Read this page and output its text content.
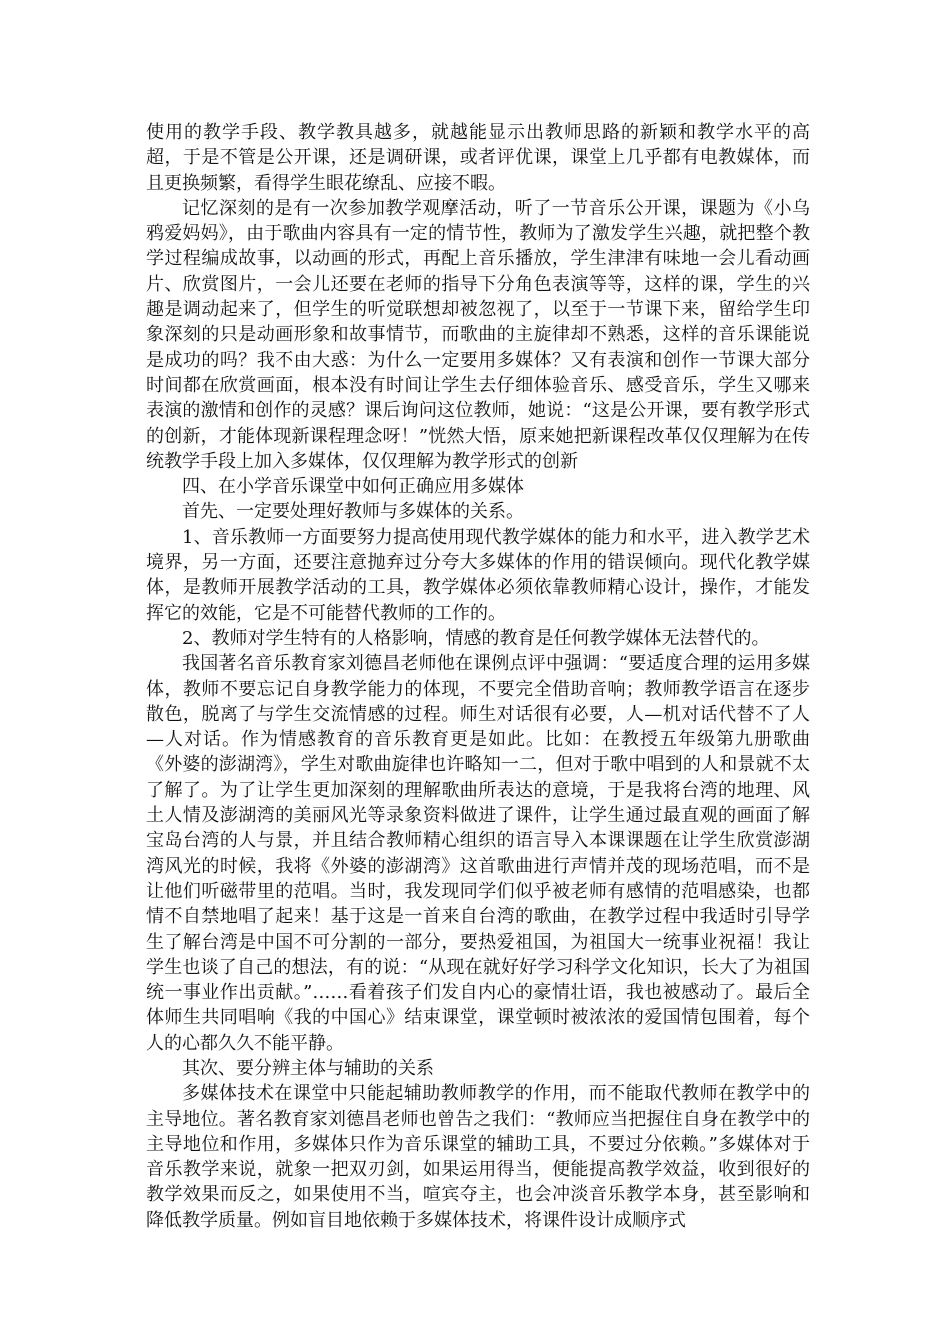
使用的教学手段、教学教具越多，就越能显示出教师思路的新颖和教学水平的高超，于是不管是公开课，还是调研课，或者评优课，课堂上几乎都有电教媒体，而且更换频繁，看得学生眼花缭乱、应接不暇。

记忆深刻的是有一次参加教学观摩活动，听了一节音乐公开课，课题为《小乌鸦爱妈妈》，由于歌曲内容具有一定的情节性，教师为了激发学生兴趣，就把整个教学过程编成故事，以动画的形式，再配上音乐播放，学生津津有味地一会儿看动画片、欣赏图片，一会儿还要在老师的指导下分角色表演等等，这样的课，学生的兴趣是调动起来了，但学生的听觉联想却被忽视了，以至于一节课下来，留给学生印象深刻的只是动画形象和故事情节，而歌曲的主旋律却不熟悉，这样的音乐课能说是成功的吗？我不由大惑：为什么一定要用多媒体？又有表演和创作一节课大部分时间都在欣赏画面，根本没有时间让学生去仔细体验音乐、感受音乐，学生又哪来表演的激情和创作的灵感？课后询问这位教师，她说：“这是公开课，要有教学形式的创新，才能体现新课程理念呀！”恍然大悟，原来她把新课程改革仅仅理解为在传统教学手段上加入多媒体，仅仅理解为教学形式的创新

四、在小学音乐课堂中如何正确应用多媒体

首先、一定要处理好教师与多媒体的关系。

1、音乐教师一方面要努力提高使用现代教学媒体的能力和水平，进入教学艺术境界，另一方面，还要注意抛弃过分夸大多媒体的作用的错误倾向。现代化教学媒体，是教师开展教学活动的工具，教学媒体必须依靠教师精心设计，操作，才能发挥它的效能，它是不可能替代教师的工作的。

2、教师对学生特有的人格影响，情感的教育是任何教学媒体无法替代的。

我国著名音乐教育家刘德昌老师他在课例点评中强调：“要适度合理的运用多媒体，教师不要忘记自身教学能力的体现，不要完全借助音响；教师教学语言在逐步散色，脱离了与学生交流情感的过程。师生对话很有必要，人—机对话代替不了人—人对话。作为情感教育的音乐教育更是如此。比如：在教授五年级第九册歌曲《外婆的澎湖湾》，学生对歌曲旋律也许略知一二，但对于歌中唱到的人和景就不太了解了。为了让学生更加深刻的理解歌曲所表达的意境，于是我将台湾的地理、风土人情及澎湖湾的美丽风光等录象资料做进了课件，让学生通过最直观的画面了解宝岛台湾的人与景，并且结合教师精心组织的语言导入本课课题在让学生欣赏澎湖湾风光的时候，我将《外婆的澎湖湾》这首歌曲进行声情并茂的现场范唱，而不是让他们听磁带里的范唱。当时，我发现同学们似乎被老师有感情的范唱感染，也都情不自禁地唱了起来！基于这是一首来自台湾的歌曲，在教学过程中我适时引导学生了解台湾是中国不可分割的一部分，要热爱祖国，为祖国大一统事业祝福！我让学生也谈了自己的想法，有的说：“从现在就好好学习科学文化知识，长大了为祖国统一事业作出贡献。”……看着孩子们发自内心的豪情壮语，我也被感动了。最后全体师生共同唱响《我的中国心》结束课堂，课堂顿时被浓浓的爱国情包围着，每个人的心都久久不能平静。

其次、要分辨主体与辅助的关系

多媒体技术在课堂中只能起辅助教师教学的作用，而不能取代教师在教学中的主导地位。著名教育家刘德昌老师也曾告之我们：“教师应当把握住自身在教学中的主导地位和作用，多媒体只作为音乐课堂的辅助工具，不要过分依赖。”多媒体对于音乐教学来说，就象一把双刃剑，如果运用得当，便能提高教学效益，收到很好的教学效果而反之，如果使用不当，喧宾夺主，也会冲淡音乐教学本身，甚至影响和降低教学质量。例如盲目地依赖于多媒体技术，将课件设计成顺序式
